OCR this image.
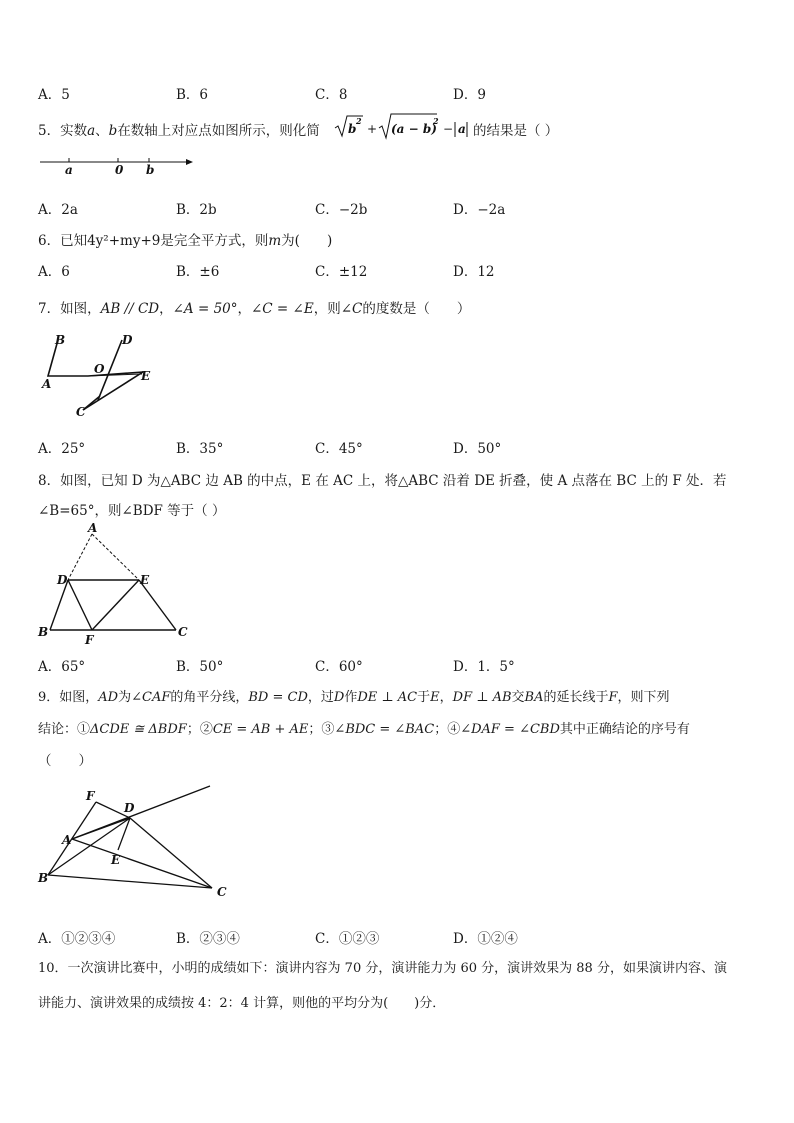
A．5	B．6	C．8	D．9
5．实数a、b在数轴上对应点如图所示，则化简 b
2
+ (a − b)
2
− a 的结果是（ ）
a	0 b
A．2a	B．2b	C．−2b	D．−2a
6．已知4y²+my+9是完全平方式，则m为(　　)
A．6	B．±6	C．±12	D．12
7．如图，AB // CD，∠A = 50°，∠C = ∠E，则∠C的度数是（　　）
B	D
A
O	E
C
A．25°	B．35°	C．45°	D．50°
8．如图，已知 D 为△ABC 边 AB 的中点，E 在 AC 上，将△ABC 沿着 DE 折叠，使 A 点落在 BC 上的 F 处．若
∠B=65°，则∠BDF 等于（ ）
A
D	E
B
F
C
A．65°	B．50°	C．60°	D．1．5°
9．如图，AD为∠CAF的角平分线，BD = CD，过D作DE ⊥ AC于E，DF ⊥ AB交BA的延长线于F，则下列
结论：①ΔCDE ≅ ΔBDF；②CE = AB + AE；③∠BDC = ∠BAC；④∠DAF = ∠CBD其中正确结论的序号有
（　　）
F
D
A
E
B
C
A．①②③④	B．②③④	C．①②③	D．①②④
10．一次演讲比赛中，小明的成绩如下：演讲内容为 70 分，演讲能力为 60 分，演讲效果为 88 分，如果演讲内容、演
讲能力、演讲效果的成绩按 4：2：4 计算，则他的平均分为(　　)分．
